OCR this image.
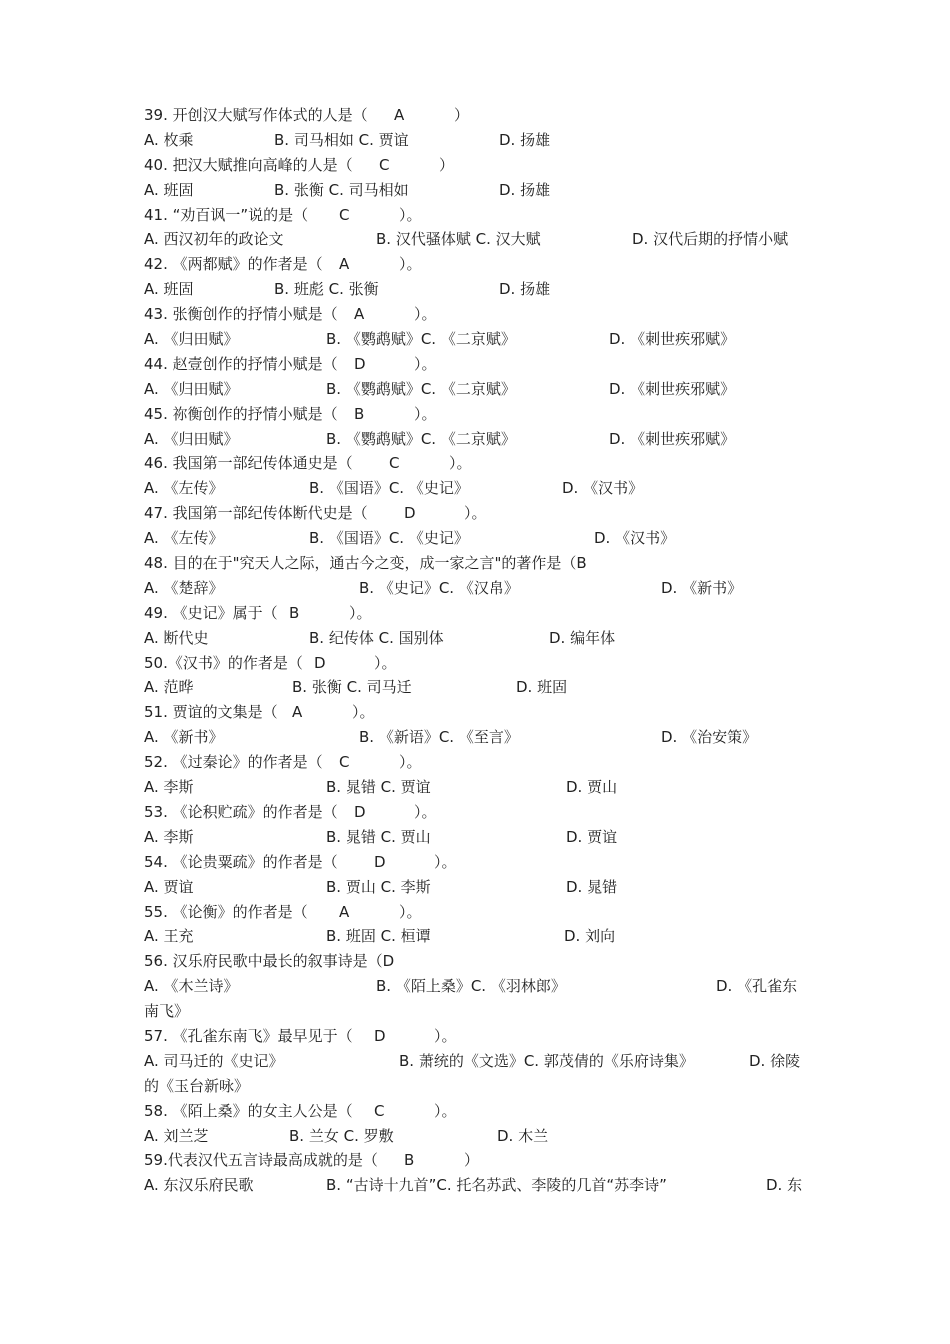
39. 开创汉大赋写作体式的人是（ A	）
A. 枚乘	B. 司马相如 C. 贾谊	D. 扬雄
40. 把汉大赋推向高峰的人是（ C	）
A. 班固	B. 张衡 C. 司马相如	D. 扬雄
41. “劝百讽一”说的是（ C	）。
A. 西汉初年的政论文	B. 汉代骚体赋 C. 汉大赋	D. 汉代后期的抒情小赋
42. 《两都赋》的作者是（ A	）。
A. 班固	B. 班彪 C. 张衡	D. 扬雄
43. 张衡创作的抒情小赋是（ A	）。
A. 《归田赋》	B. 《鹦鹉赋》C. 《二京赋》	D. 《刺世疾邪赋》
44. 赵壹创作的抒情小赋是（ D	）。
A. 《归田赋》	B. 《鹦鹉赋》C. 《二京赋》	D. 《刺世疾邪赋》
45. 祢衡创作的抒情小赋是（ B	）。
A. 《归田赋》	B. 《鹦鹉赋》C. 《二京赋》	D. 《刺世疾邪赋》
46. 我国第一部纪传体通史是（ C	）。
A. 《左传》	B. 《国语》C. 《史记》	D. 《汉书》
47. 我国第一部纪传体断代史是（ D	）。
A. 《左传》	B. 《国语》C. 《史记》	D. 《汉书》
48. 目的在于"究天人之际，通古今之变，成一家之言"的著作是（B
A. 《楚辞》	B. 《史记》C. 《汉帛》	D. 《新书》
49. 《史记》属于（ B	）。
A. 断代史	B. 纪传体 C. 国别体	D. 编年体
50.《汉书》的作者是（ D	）。
A. 范晔	B. 张衡 C. 司马迁	D. 班固
51. 贾谊的文集是（ A	）。
A. 《新书》	B. 《新语》C. 《至言》	D. 《治安策》
52. 《过秦论》的作者是（ C	）。
A. 李斯	B. 晁错 C. 贾谊	D. 贾山
53. 《论积贮疏》的作者是（ D	）。
A. 李斯	B. 晁错 C. 贾山	D. 贾谊
54. 《论贵粟疏》的作者是（ D	）。
A. 贾谊	B. 贾山 C. 李斯	D. 晁错
55. 《论衡》的作者是（ A	）。
A. 王充	B. 班固 C. 桓谭	D. 刘向
56. 汉乐府民歌中最长的叙事诗是（D
A. 《木兰诗》	B. 《陌上桑》C. 《羽林郎》	D. 《孔雀东
南飞》
57. 《孔雀东南飞》最早见于（ D	）。
A. 司马迁的《史记》	B. 萧统的《文选》C. 郭茂倩的《乐府诗集》	D. 徐陵
的《玉台新咏》
58. 《陌上桑》的女主人公是（ C	）。
A. 刘兰芝	B. 兰女 C. 罗敷	D. 木兰
59.代表汉代五言诗最高成就的是（ B	）
A. 东汉乐府民歌	B. “古诗十九首”C. 托名苏武、李陵的几首“苏李诗”	D. 东
